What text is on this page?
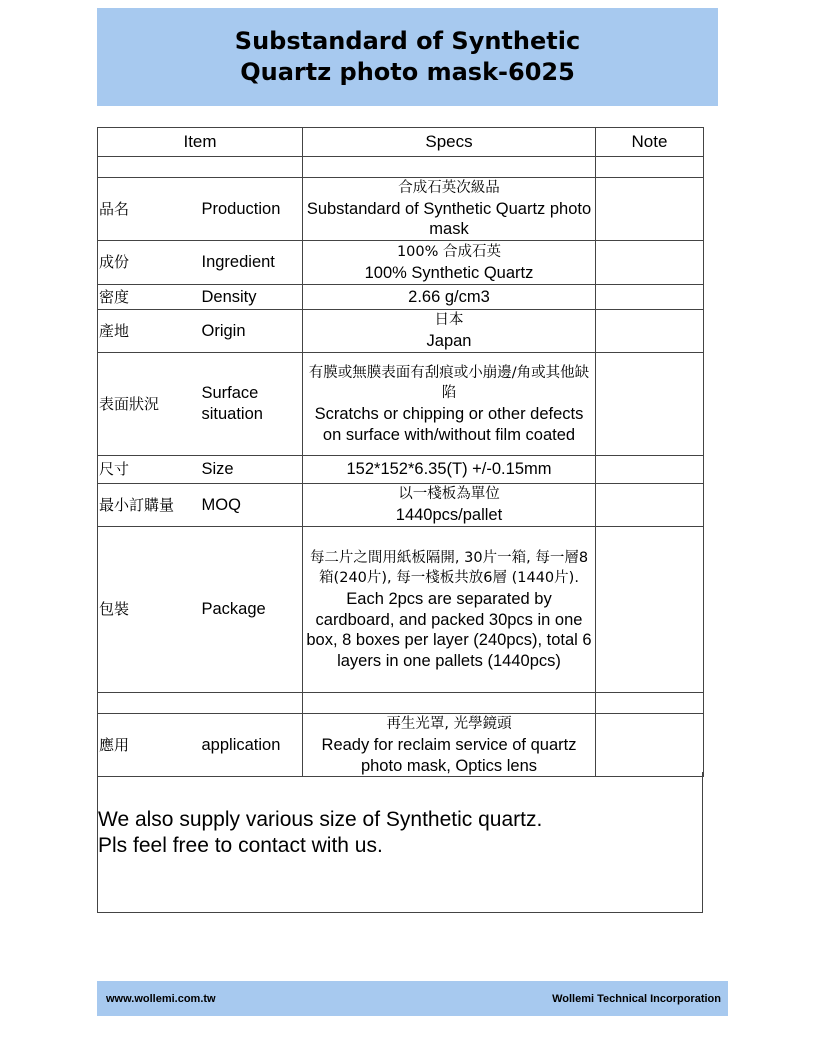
Substandard of Synthetic
Quartz photo mask-6025
Item		Specs	Note

品名	Production	合成石英次級品
Substandard of Synthetic Quartz photo mask	

成份	Ingredient	100% 合成石英
100% Synthetic Quartz	

密度	Density	2.66 g/cm3	

產地	Origin	日本
Japan	

表面狀況	Surface situation	有膜或無膜表面有刮痕或小崩邊/角或其他缺陷
Scratchs or chipping or other defects on surface with/without film coated	

尺寸	Size	152*152*6.35(T) +/-0.15mm	

最小訂購量	MOQ	以一棧板為單位
1440pcs/pallet	

包裝	Package	每二片之間用紙板隔開, 30片一箱, 每一層8箱(240片), 每一棧板共放6層 (1440片).
Each 2pcs are separated by cardboard, and packed 30pcs in one box, 8 boxes per layer (240pcs), total 6 layers in one pallets (1440pcs)	

應用	application	再生光罩, 光學鏡頭
Ready for reclaim service of quartz photo mask, Optics lens	

We also supply various size of Synthetic quartz.
Pls feel free to contact with us.
www.wollemi.com.tw	Wollemi Technical Incorporation
